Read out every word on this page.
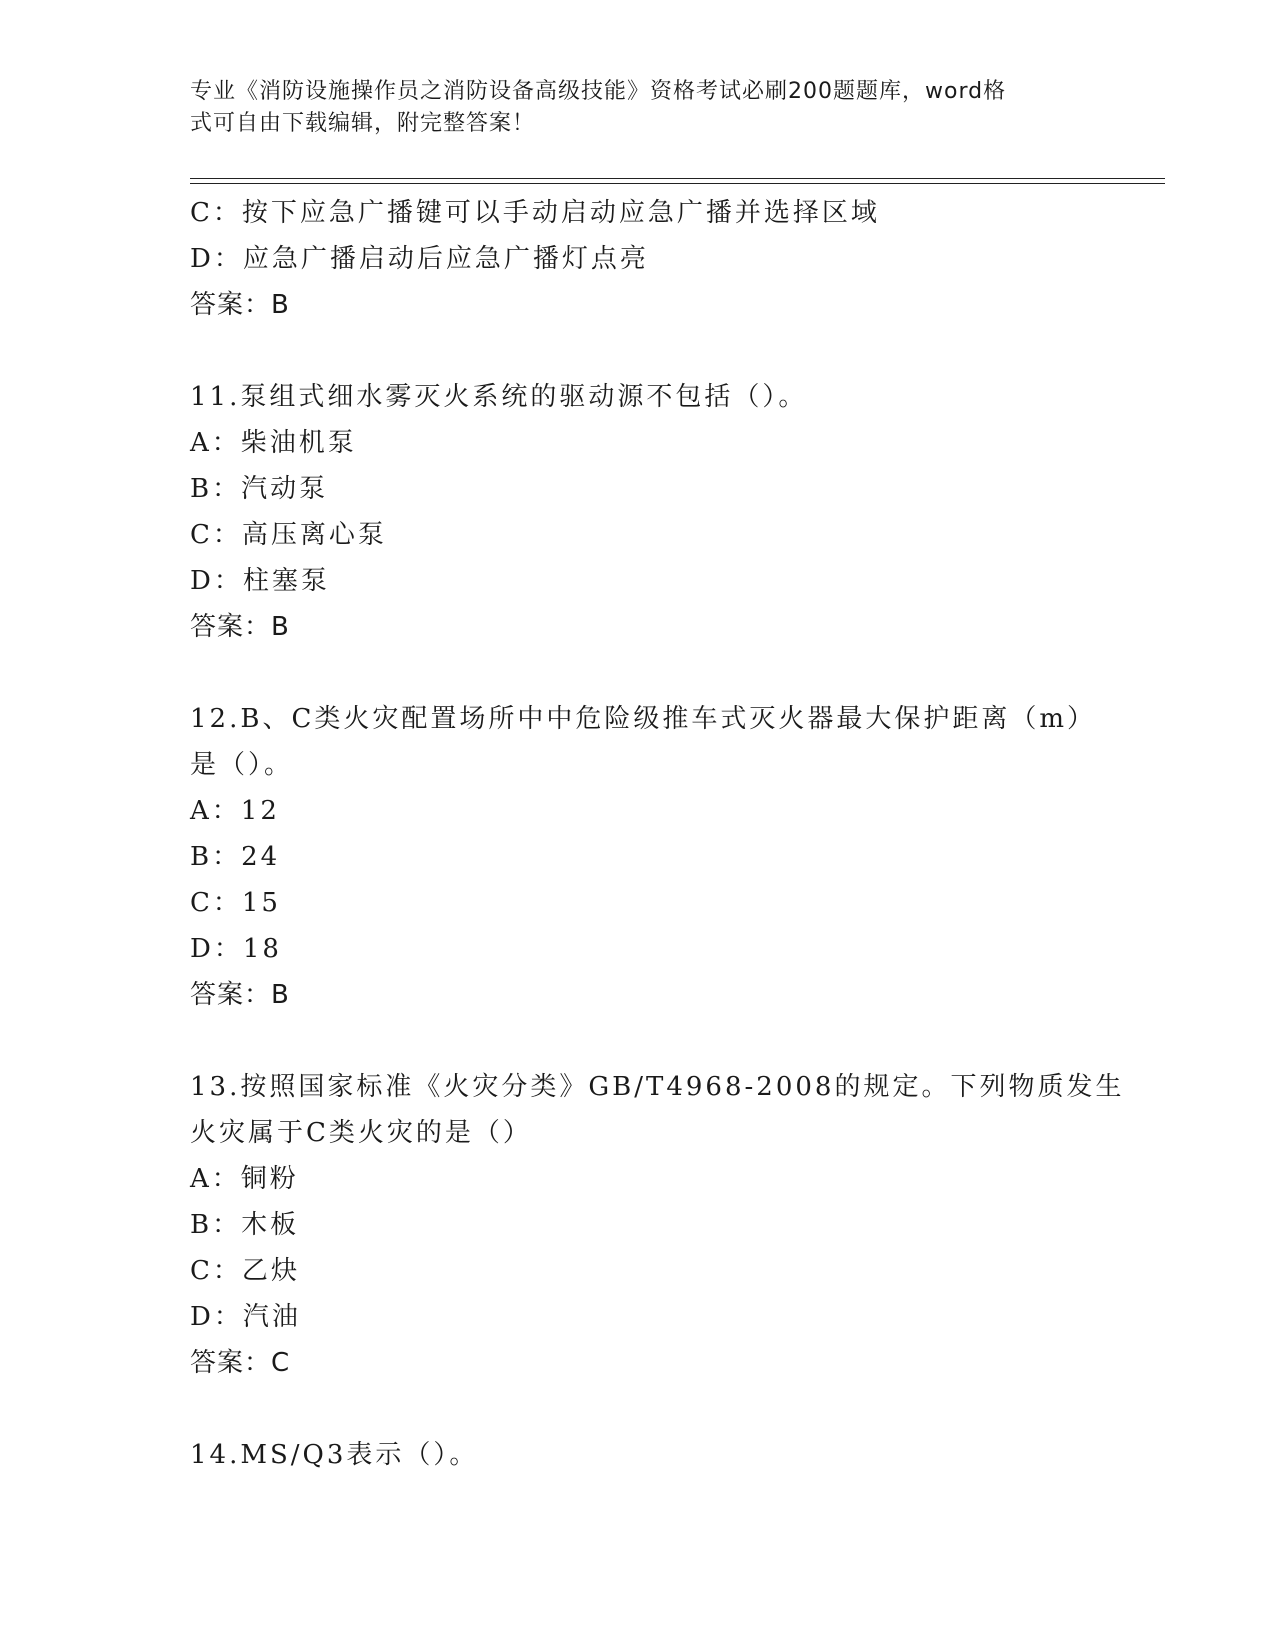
专业《消防设施操作员之消防设备高级技能》资格考试必刷200题题库，word格
式可自由下载编辑，附完整答案！
C：按下应急广播键可以手动启动应急广播并选择区域
D：应急广播启动后应急广播灯点亮
答案：B
11.泵组式细水雾灭火系统的驱动源不包括（）。
A：柴油机泵
B：汽动泵
C：高压离心泵
D：柱塞泵
答案：B
12.B、C类火灾配置场所中中危险级推车式灭火器最大保护距离（m）
是（）。
A：12
B：24
C：15
D：18
答案：B
13.按照国家标准《火灾分类》GB/T4968-2008的规定。下列物质发生
火灾属于C类火灾的是（）
A：铜粉
B：木板
C：乙炔
D：汽油
答案：C
14.MS/Q3表示（）。
